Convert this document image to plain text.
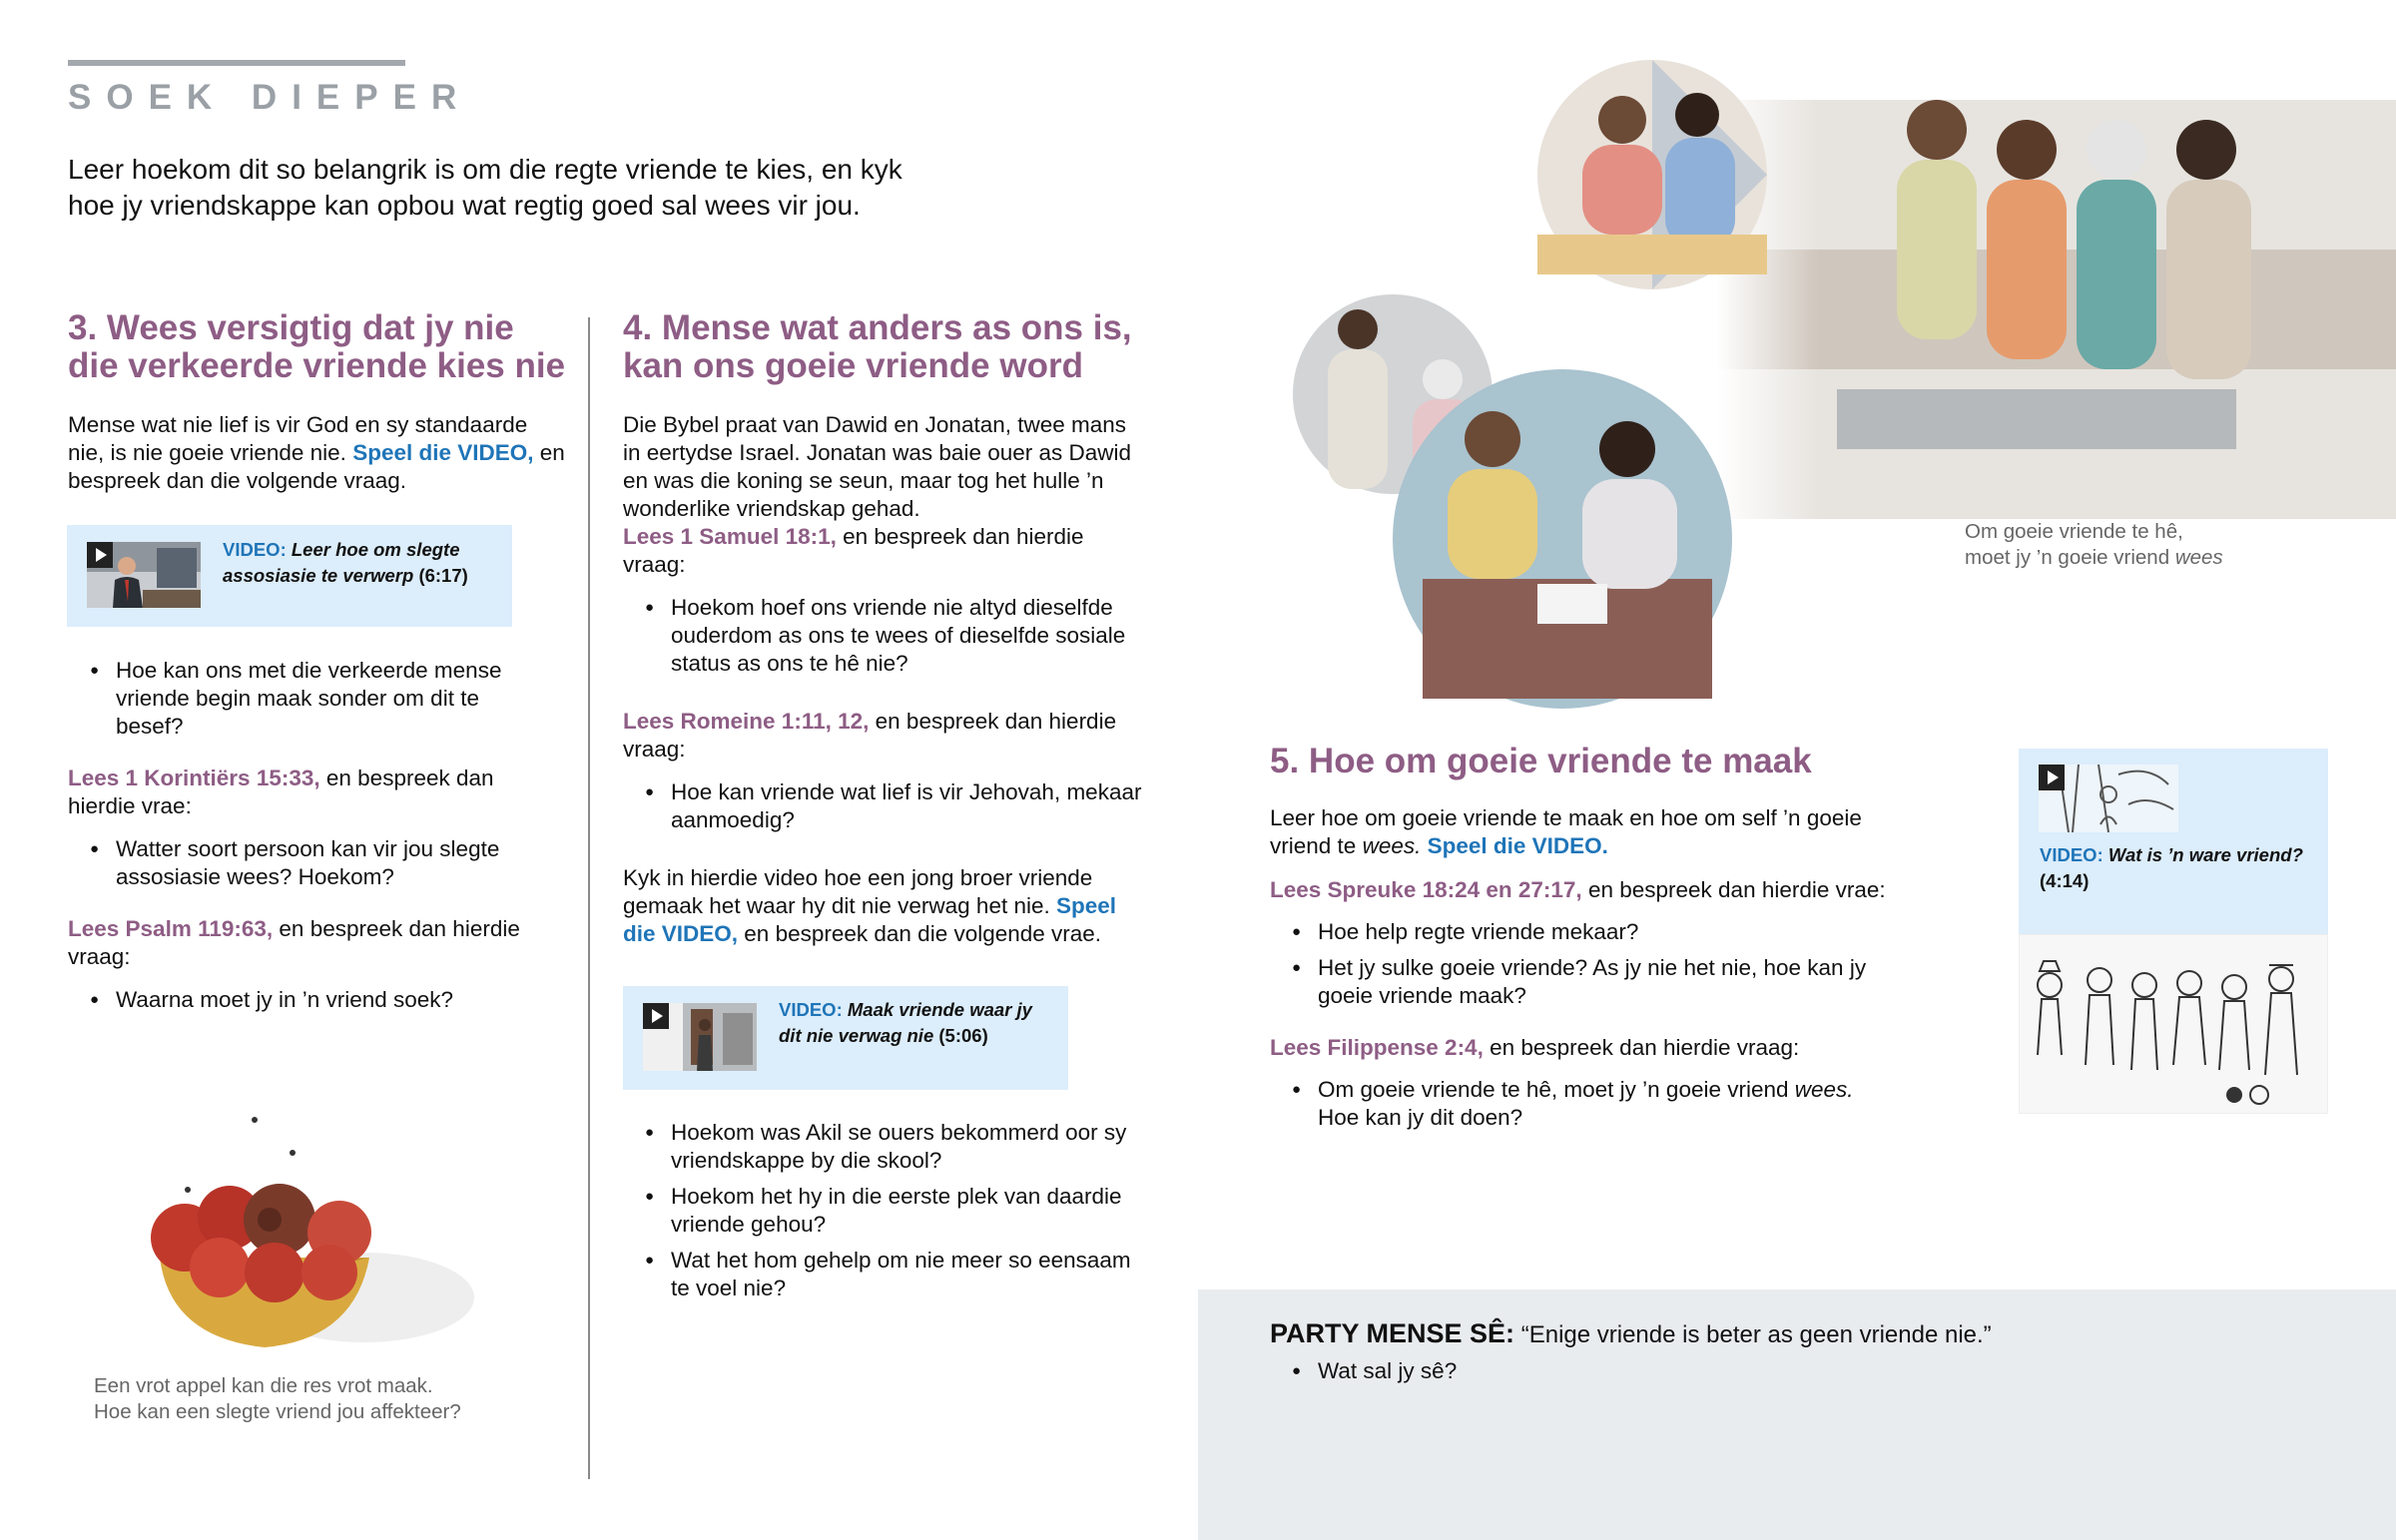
SOEK DIEPER
Leer hoekom dit so belangrik is om die regte vriende te kies, en kyk hoe jy vriendskappe kan opbou wat regtig goed sal wees vir jou.
3. Wees versigtig dat jy nie die verkeerde vriende kies nie

Mense wat nie lief is vir God en sy standaarde nie, is nie goeie vriende nie. Speel die VIDEO, en bespreek dan die volgende vraag.

VIDEO: Leer hoe om slegte assosiasie te verwerp (6:17)
● Hoe kan ons met die verkeerde mense vriende begin maak sonder om dit te besef?

Lees 1 Korintiërs 15:33, en bespreek dan hierdie vrae:

● Watter soort persoon kan vir jou slegte assosiasie wees? Hoekom?

Lees Psalm 119:63, en bespreek dan hierdie vraag:

● Waarna moet jy in ’n vriend soek?
Een vrot appel kan die res vrot maak.
Hoe kan een slegte vriend jou affekteer?
4. Mense wat anders as ons is, kan ons goeie vriende word

Die Bybel praat van Dawid en Jonatan, twee mans in eertydse Israel. Jonatan was baie ouer as Dawid en was die koning se seun, maar tog het hulle ’n wonderlike vriendskap gehad.

Lees 1 Samuel 18:1, en bespreek dan hierdie vraag:

● Hoekom hoef ons vriende nie altyd dieselfde ouderdom as ons te wees of dieselfde sosiale status as ons te hê nie?

Lees Romeine 1:11, 12, en bespreek dan hierdie vraag:

● Hoe kan vriende wat lief is vir Jehovah, mekaar aanmoedig?

Kyk in hierdie video hoe een jong broer vriende gemaak het waar hy dit nie verwag het nie. Speel die VIDEO, en bespreek dan die volgende vrae.

VIDEO: Maak vriende waar jy dit nie verwag nie (5:06)
● Hoekom was Akil se ouers bekommerd oor sy vriendskappe by die skool?
● Hoekom het hy in die eerste plek van daardie vriende gehou?
● Wat het hom gehelp om nie meer so eensaam te voel nie?
Om goeie vriende te hê,
moet jy ’n goeie vriend wees
5. Hoe om goeie vriende te maak

Leer hoe om goeie vriende te maak en hoe om self ’n goeie vriend te wees. Speel die VIDEO.

Lees Spreuke 18:24 en 27:17, en bespreek dan hierdie vrae:

● Hoe help regte vriende mekaar?
● Het jy sulke goeie vriende? As jy nie het nie, hoe kan jy goeie vriende maak?

Lees Filippense 2:4, en bespreek dan hierdie vraag:

● Om goeie vriende te hê, moet jy ’n goeie vriend wees. Hoe kan jy dit doen?
VIDEO: Wat is ’n ware vriend?
(4:14)

PARTY MENSE SÊ: “Enige vriende is beter as geen vriende nie.”

● Wat sal jy sê?
